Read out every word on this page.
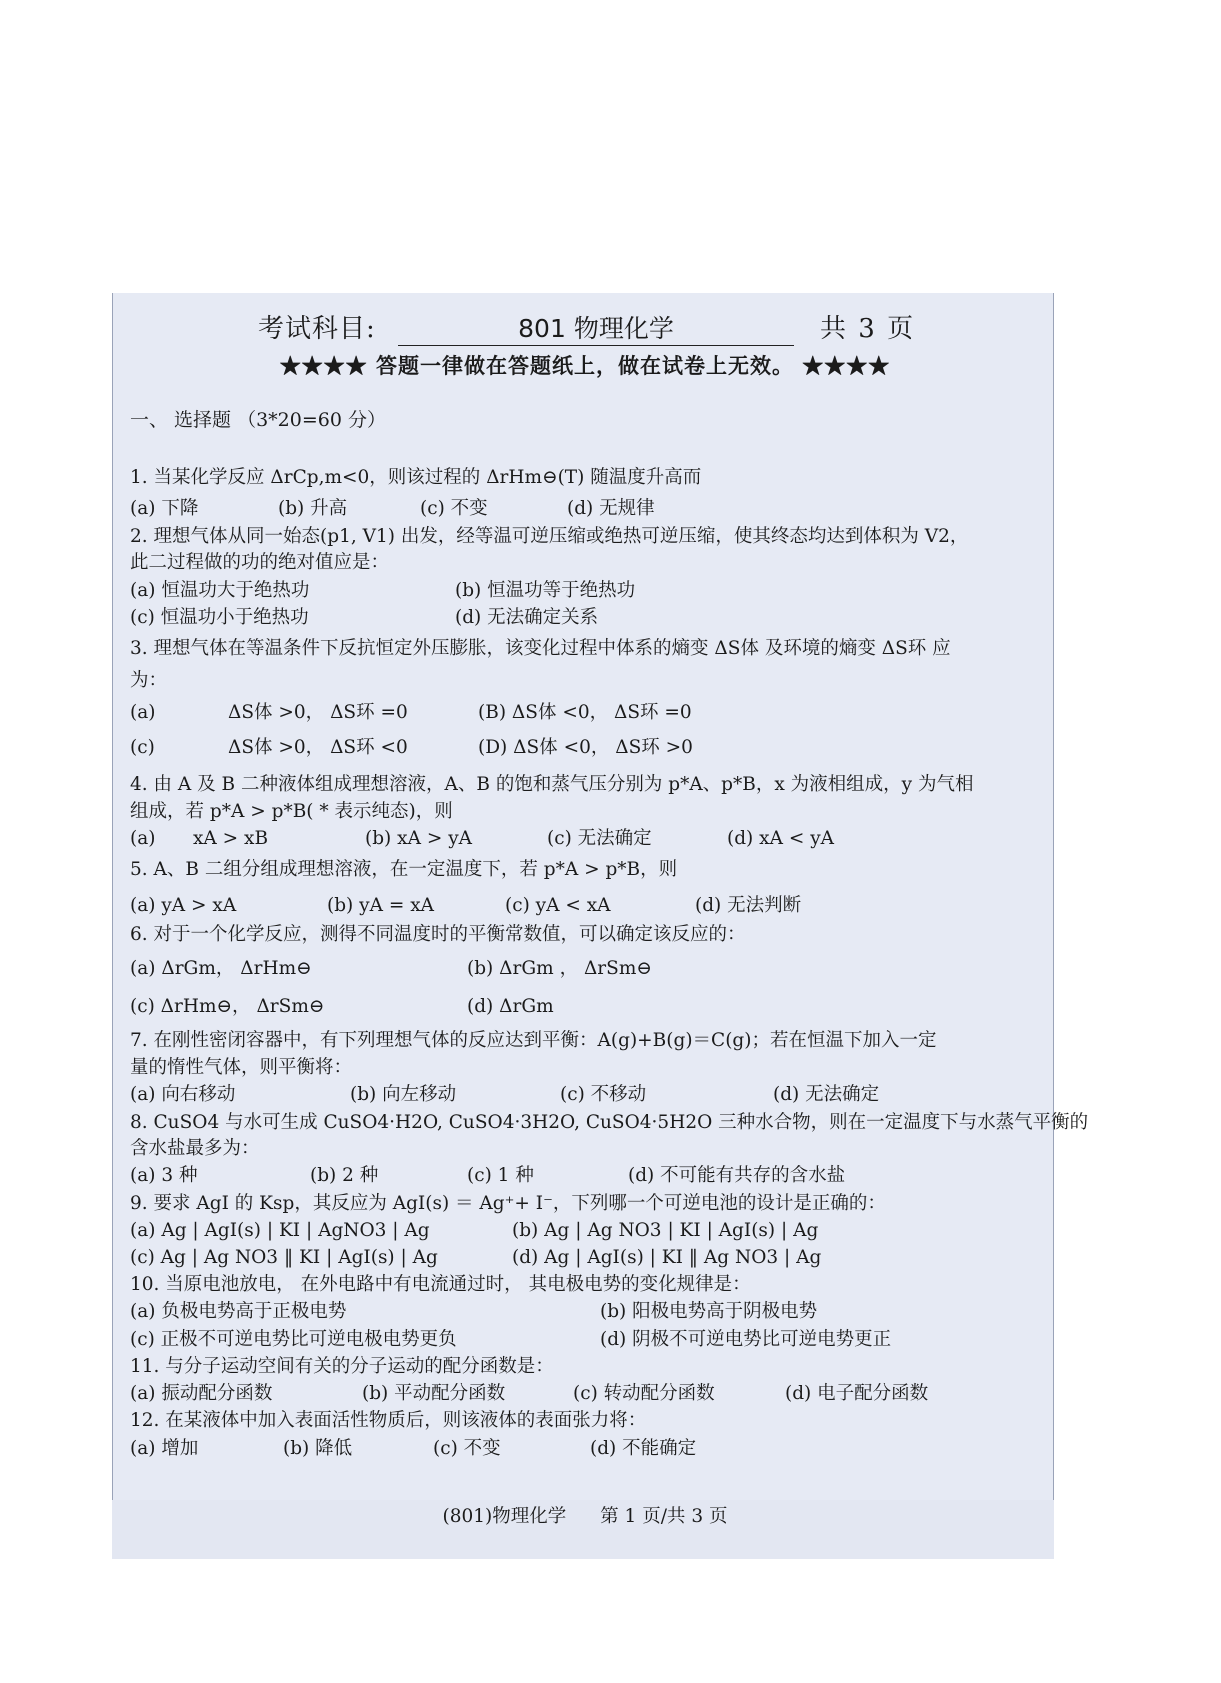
考试科目:	801 物理化学	共 3 页
★★★★ 答题一律做在答题纸上，做在试卷上无效。 ★★★★
一、 选择题 （3*20=60 分）
1. 当某化学反应 ΔrCp,m<0，则该过程的 ΔrHm⊖(T) 随温度升高而
(a) 下降	(b) 升高	(c) 不变	(d) 无规律
2. 理想气体从同一始态(p1, V1) 出发，经等温可逆压缩或绝热可逆压缩，使其终态均达到体积为 V2，
此二过程做的功的绝对值应是：
(a) 恒温功大于绝热功	(b) 恒温功等于绝热功
(c) 恒温功小于绝热功	(d) 无法确定关系
3. 理想气体在等温条件下反抗恒定外压膨胀，该变化过程中体系的熵变 ΔS体 及环境的熵变 ΔS环 应
为：
(a)	ΔS体 >0， ΔS环 =0	(B) ΔS体 <0， ΔS环 =0
(c)	ΔS体 >0， ΔS环 <0	(D) ΔS体 <0， ΔS环 >0
4. 由 A 及 B 二种液体组成理想溶液，A、B 的饱和蒸气压分别为 p*A、p*B，x 为液相组成，y 为气相
组成，若 p*A > p*B( * 表示纯态)，则
(a) xA > xB	(b) xA > yA	(c) 无法确定	(d) xA < yA
5. A、B 二组分组成理想溶液，在一定温度下，若 p*A > p*B，则
(a) yA > xA	(b) yA = xA	(c) yA < xA	(d) 无法判断
6. 对于一个化学反应，测得不同温度时的平衡常数值，可以确定该反应的：
(a) ΔrGm， ΔrHm⊖	(b) ΔrGm ， ΔrSm⊖
(c) ΔrHm⊖， ΔrSm⊖	(d) ΔrGm
7. 在刚性密闭容器中，有下列理想气体的反应达到平衡：A(g)+B(g)＝C(g)；若在恒温下加入一定
量的惰性气体，则平衡将：
(a) 向右移动	(b) 向左移动	(c) 不移动	(d) 无法确定
8. CuSO4 与水可生成 CuSO4·H2O, CuSO4·3H2O, CuSO4·5H2O 三种水合物，则在一定温度下与水蒸气平衡的
含水盐最多为：
(a) 3 种	(b) 2 种	(c) 1 种	(d) 不可能有共存的含水盐
9. 要求 AgI 的 Ksp，其反应为 AgI(s) ＝ Ag⁺+ I⁻，下列哪一个可逆电池的设计是正确的：
(a) Ag | AgI(s) | KI | AgNO3 | Ag	(b) Ag | Ag NO3 | KI | AgI(s) | Ag
(c) Ag | Ag NO3 ‖ KI | AgI(s) | Ag	(d) Ag | AgI(s) | KI ‖ Ag NO3 | Ag
10. 当原电池放电， 在外电路中有电流通过时， 其电极电势的变化规律是：
(a) 负极电势高于正极电势	(b) 阳极电势高于阴极电势
(c) 正极不可逆电势比可逆电极电势更负	(d) 阴极不可逆电势比可逆电势更正
11. 与分子运动空间有关的分子运动的配分函数是：
(a) 振动配分函数	(b) 平动配分函数	(c) 转动配分函数	(d) 电子配分函数
12. 在某液体中加入表面活性物质后，则该液体的表面张力将：
(a) 增加	(b) 降低	(c) 不变	(d) 不能确定
(801)物理化学 第 1 页/共 3 页
